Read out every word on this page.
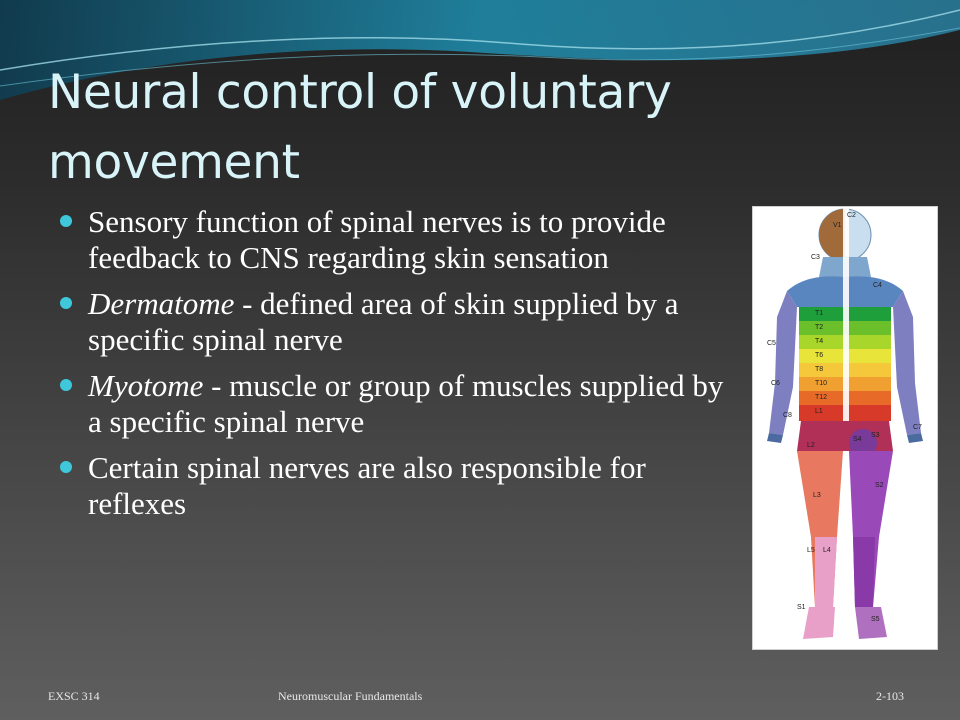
Neural control of voluntary movement
Sensory function of spinal nerves is to provide feedback to CNS regarding skin sensation
Dermatome - defined area of skin supplied by a specific spinal nerve
Myotome - muscle or group of muscles supplied by a specific spinal nerve
Certain spinal nerves are also responsible for reflexes
C2
V1
C3
C4
C5
C6
C7
C8
T1
T2
T4
T6
T8
T10
T12
L1
L2
L3
L4
L5
S1
S2
S3
S4
S5
EXSC 314	Neuromuscular Fundamentals	2-103
